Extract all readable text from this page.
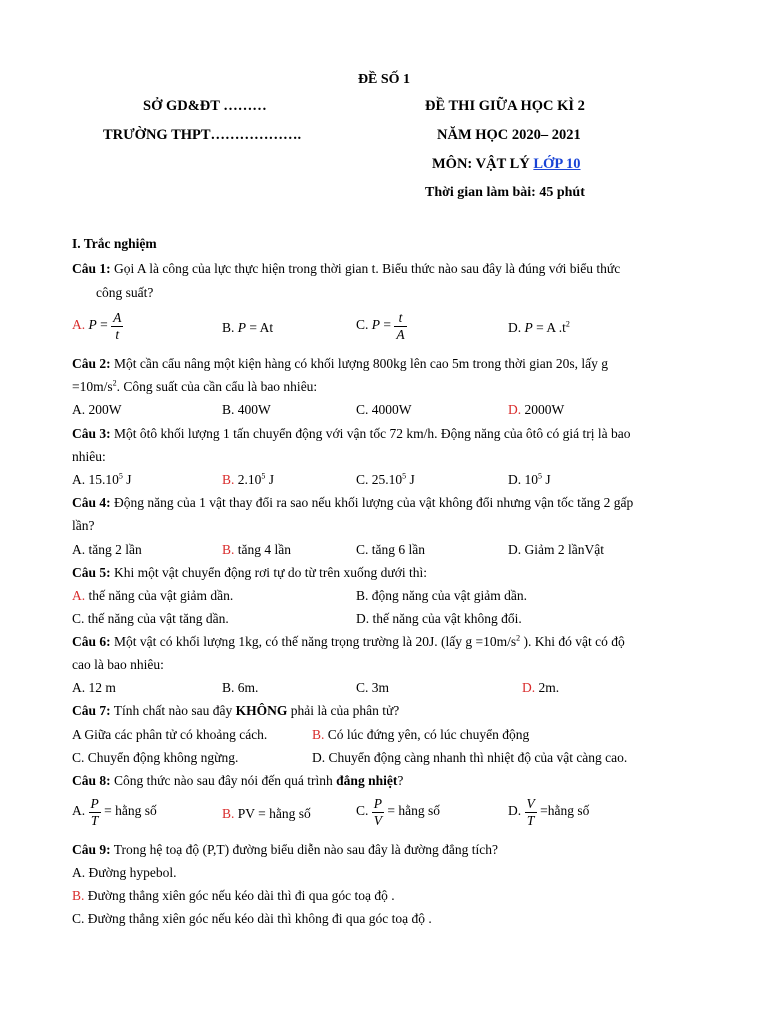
ĐỀ SỐ 1
SỞ GD&ĐT ………	ĐỀ THI GIỮA HỌC KÌ 2
TRƯỜNG THPT……………….	NĂM HỌC 2020– 2021
MÔN: VẬT LÝ LỚP 10
Thời gian làm bài: 45 phút
I. Trắc nghiệm
Câu 1: Gọi A là công của lực thực hiện trong thời gian t. Biểu thức nào sau đây là đúng với biểu thức
công suất?
A. $P = \frac{A}{t}$	B. P = At	C. $P = \frac{t}{A}$	D. P = A $.t^2$
Câu 2: Một cần cẩu nâng một kiện hàng có khối lượng 800kg lên cao 5m trong thời gian 20s, lấy g
$=10m/s^2$. Công suất của cần cẩu là bao nhiêu:
A. 200W	B. 400W	C. 4000W	D. 2000W
Câu 3: Một ôtô khối lượng 1 tấn chuyển động với vận tốc 72 km/h. Động năng của ôtô có giá trị là bao
nhiêu:
A. 15.10$^5$ J	B. 2.10$^5$ J	C. 25.10$^5$ J	D. $10^5$ J
Câu 4: Động năng của 1 vật thay đổi ra sao nếu khối lượng của vật không đổi nhưng vận tốc tăng 2 gấp
lần?
A. tăng 2 lần	B. tăng 4 lần	C. tăng 6 lần	D. Giảm 2 lầnVật
Câu 5: Khi một vật chuyển động rơi tự do từ trên xuống dưới thì:
A. thế năng của vật giảm dần.	B. động năng của vật giảm dần.
C. thế năng của vật tăng dần.	D. thế năng của vật không đổi.
Câu 6: Một vật có khối lượng 1kg, có thế năng trọng trường là 20J. (lấy $g =10m/s^2$ ). Khi đó vật có độ
cao là bao nhiêu:
A. 12 m	B. 6m.	C. 3m	D. 2m.
Câu 7: Tính chất nào sau đây KHÔNG phải là của phân tử?
A Giữa các phân tử có khoảng cách.	B. Có lúc đứng yên, có lúc chuyển động
C. Chuyển động không ngừng.	D. Chuyển động càng nhanh thì nhiệt độ của vật càng cao.
Câu 8: Công thức nào sau đây nói đến quá trình đẳng nhiệt?
A. $\frac{P}{T}$ = hằng số	B. PV = hằng số	C. $\frac{P}{V}$ = hằng số	D. $\frac{V}{T}$ =hằng số
Câu 9: Trong hệ toạ độ (P,T) đường biểu diễn nào sau đây là đường đẳng tích?
A. Đường hypebol.
B. Đường thẳng xiên góc nếu kéo dài thì đi qua góc toạ độ .
C. Đường thẳng xiên góc nếu kéo dài thì không đi qua góc toạ độ .
